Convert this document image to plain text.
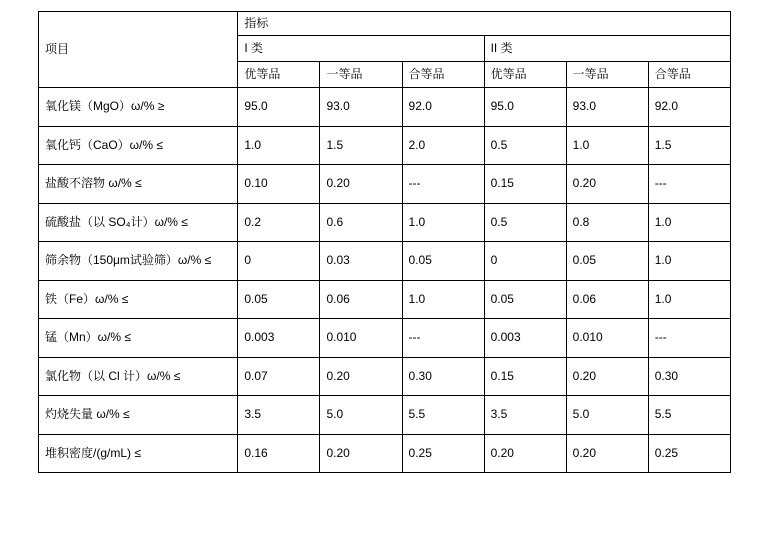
项目	指标					
	I 类			II 类		
	优等品	一等品	合等品	优等品	一等品	合等品
氧化镁（MgO）ω/% ≥	95.0	93.0	92.0	95.0	93.0	92.0
氧化钙（CaO）ω/% ≤	1.0	1.5	2.0	0.5	1.0	1.5
盐酸不溶物 ω/% ≤	0.10	0.20	---	0.15	0.20	---
硫酸盐（以 SO₄计）ω/% ≤	0.2	0.6	1.0	0.5	0.8	1.0
筛余物（150μm试验筛）ω/% ≤	0	0.03	0.05	0	0.05	1.0
铁（Fe）ω/% ≤	0.05	0.06	1.0	0.05	0.06	1.0
锰（Mn）ω/% ≤	0.003	0.010	---	0.003	0.010	---
氯化物（以 Cl 计）ω/% ≤	0.07	0.20	0.30	0.15	0.20	0.30
灼烧失量 ω/% ≤	3.5	5.0	5.5	3.5	5.0	5.5
堆积密度/(g/mL) ≤	0.16	0.20	0.25	0.20	0.20	0.25
